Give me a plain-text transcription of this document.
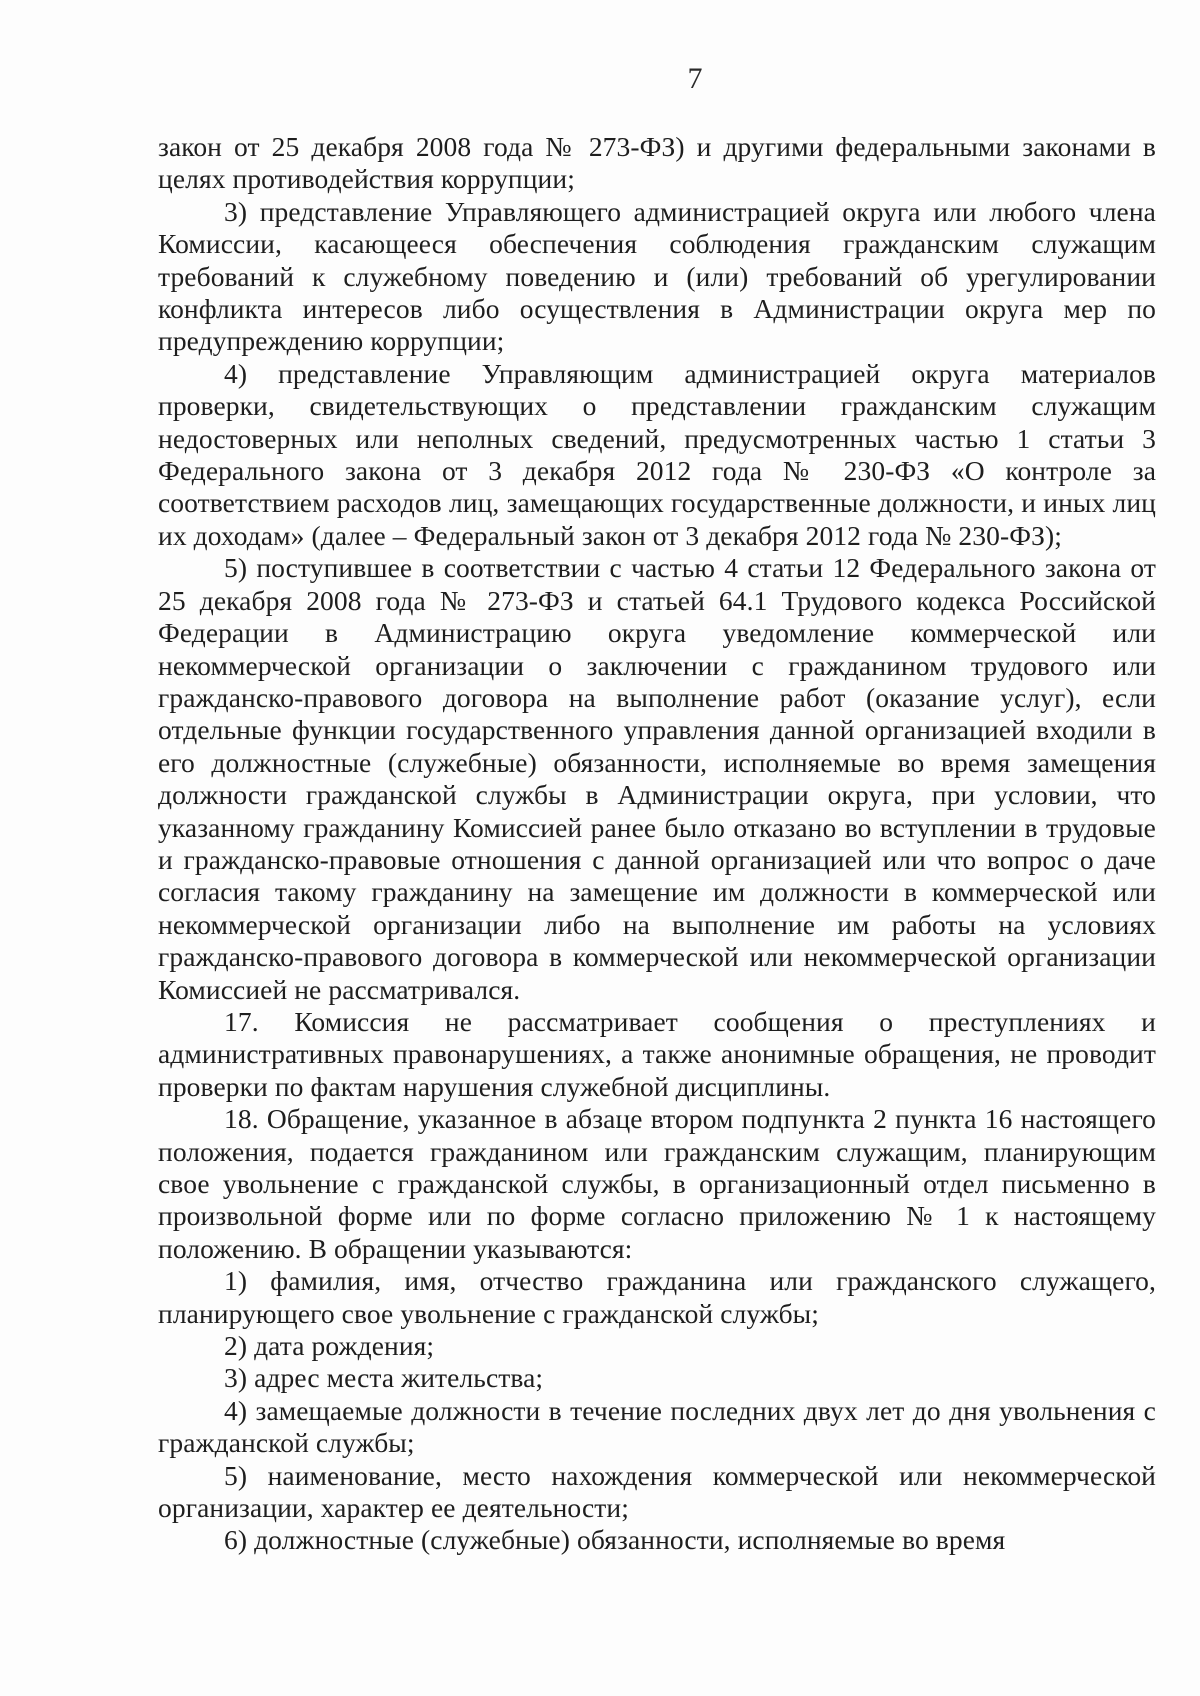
7

закон от 25 декабря 2008 года № 273-ФЗ) и другими федеральными законами в целях противодействия коррупции;

3) представление Управляющего администрацией округа или любого члена Комиссии, касающееся обеспечения соблюдения гражданским служащим требований к служебному поведению и (или) требований об урегулировании конфликта интересов либо осуществления в Администрации округа мер по предупреждению коррупции;

4) представление Управляющим администрацией округа материалов проверки, свидетельствующих о представлении гражданским служащим недостоверных или неполных сведений, предусмотренных частью 1 статьи 3 Федерального закона от 3 декабря 2012 года № 230-ФЗ «О контроле за соответствием расходов лиц, замещающих государственные должности, и иных лиц их доходам» (далее – Федеральный закон от 3 декабря 2012 года № 230-ФЗ);

5) поступившее в соответствии с частью 4 статьи 12 Федерального закона от 25 декабря 2008 года № 273-ФЗ и статьей 64.1 Трудового кодекса Российской Федерации в Администрацию округа уведомление коммерческой или некоммерческой организации о заключении с гражданином трудового или гражданско-правового договора на выполнение работ (оказание услуг), если отдельные функции государственного управления данной организацией входили в его должностные (служебные) обязанности, исполняемые во время замещения должности гражданской службы в Администрации округа, при условии, что указанному гражданину Комиссией ранее было отказано во вступлении в трудовые и гражданско-правовые отношения с данной организацией или что вопрос о даче согласия такому гражданину на замещение им должности в коммерческой или некоммерческой организации либо на выполнение им работы на условиях гражданско-правового договора в коммерческой или некоммерческой организации Комиссией не рассматривался.

17. Комиссия не рассматривает сообщения о преступлениях и административных правонарушениях, а также анонимные обращения, не проводит проверки по фактам нарушения служебной дисциплины.

18. Обращение, указанное в абзаце втором подпункта 2 пункта 16 настоящего положения, подается гражданином или гражданским служащим, планирующим свое увольнение с гражданской службы, в организационный отдел письменно в произвольной форме или по форме согласно приложению № 1 к настоящему положению. В обращении указываются:

1) фамилия, имя, отчество гражданина или гражданского служащего, планирующего свое увольнение с гражданской службы;

2) дата рождения;

3) адрес места жительства;

4) замещаемые должности в течение последних двух лет до дня увольнения с гражданской службы;

5) наименование, место нахождения коммерческой или некоммерческой организации, характер ее деятельности;

6) должностные (служебные) обязанности, исполняемые во время
